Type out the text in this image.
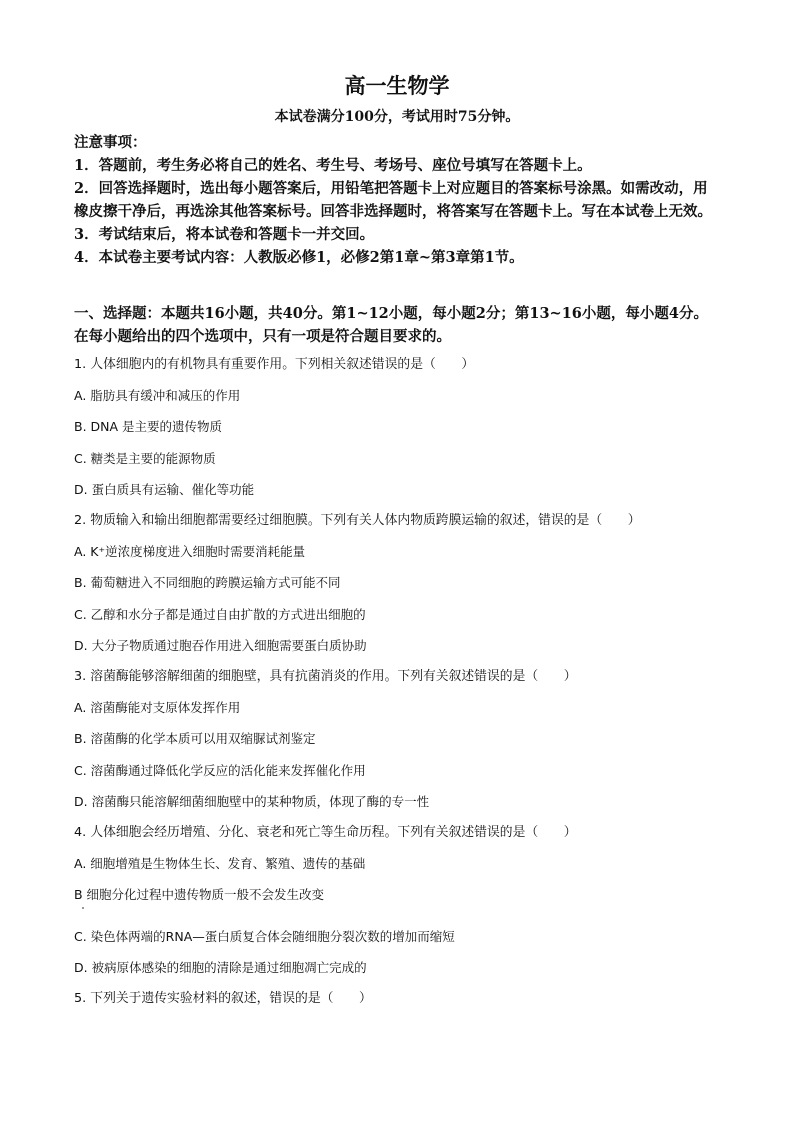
高一生物学
本试卷满分100分，考试用时75分钟。
注意事项：
1．答题前，考生务必将自己的姓名、考生号、考场号、座位号填写在答题卡上。
2．回答选择题时，选出每小题答案后，用铅笔把答题卡上对应题目的答案标号涂黑。如需改动，用橡皮擦干净后，再选涂其他答案标号。回答非选择题时，将答案写在答题卡上。写在本试卷上无效。
3．考试结束后，将本试卷和答题卡一并交回。
4．本试卷主要考试内容：人教版必修1，必修2第1章~第3章第1节。
一、选择题：本题共16小题，共40分。第1~12小题，每小题2分；第13~16小题，每小题4分。在每小题给出的四个选项中，只有一项是符合题目要求的。
1. 人体细胞内的有机物具有重要作用。下列相关叙述错误的是（　　）
A. 脂肪具有缓冲和减压的作用
B. DNA 是主要的遗传物质
C. 糖类是主要的能源物质
D. 蛋白质具有运输、催化等功能
2. 物质输入和输出细胞都需要经过细胞膜。下列有关人体内物质跨膜运输的叙述，错误的是（　　）
A. K⁺逆浓度梯度进入细胞时需要消耗能量
B. 葡萄糖进入不同细胞的跨膜运输方式可能不同
C. 乙醇和水分子都是通过自由扩散的方式进出细胞的
D. 大分子物质通过胞吞作用进入细胞需要蛋白质协助
3. 溶菌酶能够溶解细菌的细胞壁，具有抗菌消炎的作用。下列有关叙述错误的是（　　）
A. 溶菌酶能对支原体发挥作用
B. 溶菌酶的化学本质可以用双缩脲试剂鉴定
C. 溶菌酶通过降低化学反应的活化能来发挥催化作用
D. 溶菌酶只能溶解细菌细胞壁中的某种物质，体现了酶的专一性
4. 人体细胞会经历增殖、分化、衰老和死亡等生命历程。下列有关叙述错误的是（　　）
A. 细胞增殖是生物体生长、发育、繁殖、遗传的基础
B 细胞分化过程中遗传物质一般不会发生改变
C. 染色体两端的RNA—蛋白质复合体会随细胞分裂次数的增加而缩短
D. 被病原体感染的细胞的清除是通过细胞凋亡完成的
5. 下列关于遗传实验材料的叙述，错误的是（　　）
